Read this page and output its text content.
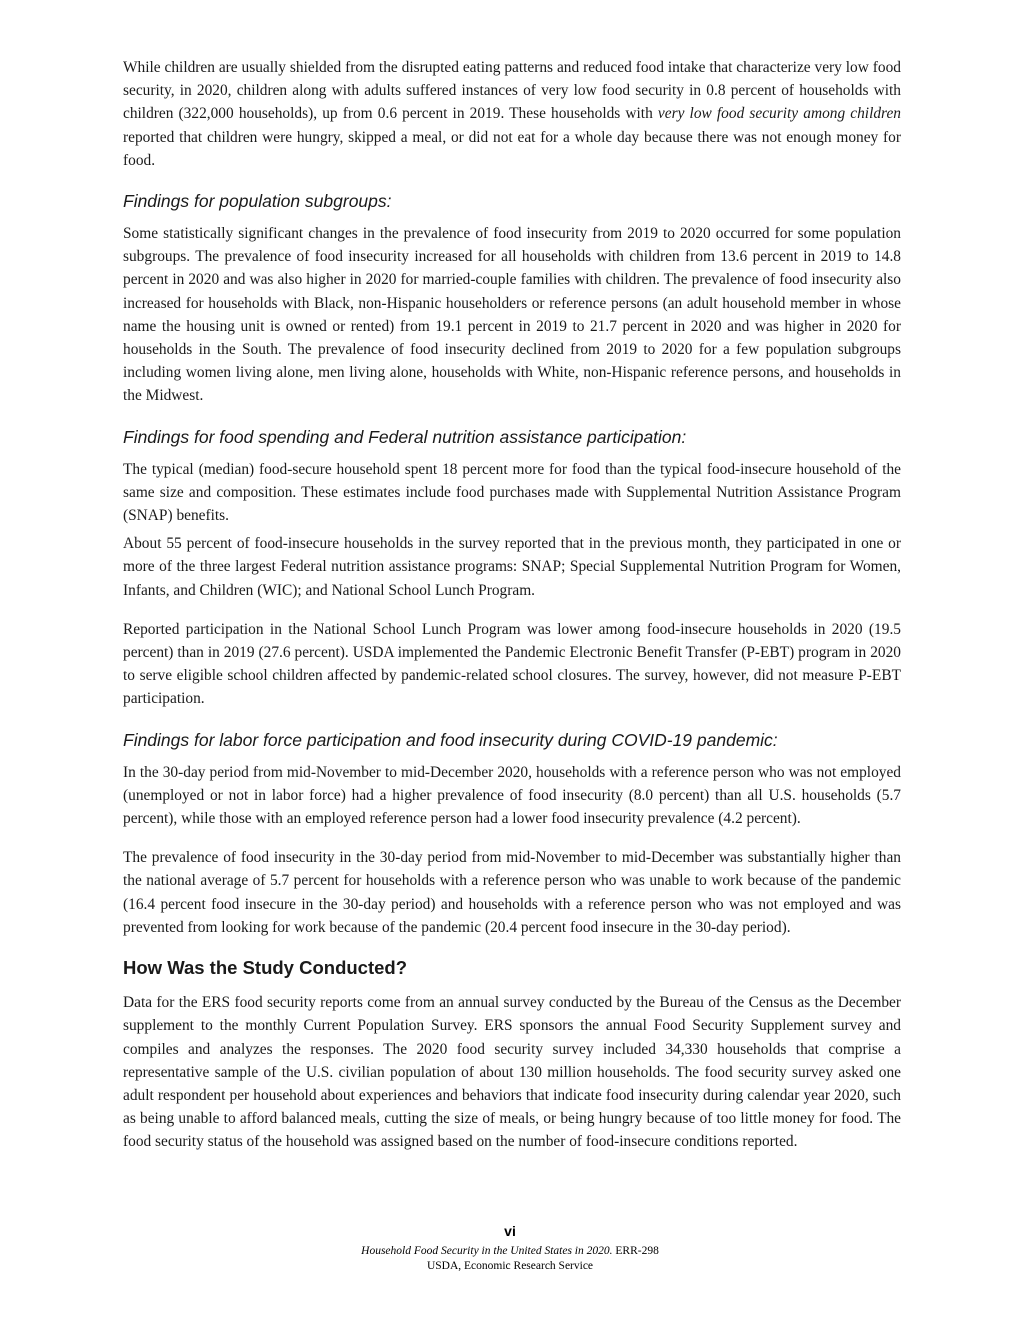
While children are usually shielded from the disrupted eating patterns and reduced food intake that characterize very low food security, in 2020, children along with adults suffered instances of very low food security in 0.8 percent of households with children (322,000 households), up from 0.6 percent in 2019. These households with very low food security among children reported that children were hungry, skipped a meal, or did not eat for a whole day because there was not enough money for food.

Findings for population subgroups:

Some statistically significant changes in the prevalence of food insecurity from 2019 to 2020 occurred for some population subgroups. The prevalence of food insecurity increased for all households with children from 13.6 percent in 2019 to 14.8 percent in 2020 and was also higher in 2020 for married-couple families with children. The prevalence of food insecurity also increased for households with Black, non-Hispanic householders or reference persons (an adult household member in whose name the housing unit is owned or rented) from 19.1 percent in 2019 to 21.7 percent in 2020 and was higher in 2020 for households in the South. The prevalence of food insecurity declined from 2019 to 2020 for a few population subgroups including women living alone, men living alone, households with White, non-Hispanic reference persons, and households in the Midwest.

Findings for food spending and Federal nutrition assistance participation:

The typical (median) food-secure household spent 18 percent more for food than the typical food-insecure household of the same size and composition. These estimates include food purchases made with Supplemental Nutrition Assistance Program (SNAP) benefits.

About 55 percent of food-insecure households in the survey reported that in the previous month, they participated in one or more of the three largest Federal nutrition assistance programs: SNAP; Special Supplemental Nutrition Program for Women, Infants, and Children (WIC); and National School Lunch Program.

Reported participation in the National School Lunch Program was lower among food-insecure households in 2020 (19.5 percent) than in 2019 (27.6 percent). USDA implemented the Pandemic Electronic Benefit Transfer (P-EBT) program in 2020 to serve eligible school children affected by pandemic-related school closures. The survey, however, did not measure P-EBT participation.

Findings for labor force participation and food insecurity during COVID-19 pandemic:

In the 30-day period from mid-November to mid-December 2020, households with a reference person who was not employed (unemployed or not in labor force) had a higher prevalence of food insecurity (8.0 percent) than all U.S. households (5.7 percent), while those with an employed reference person had a lower food insecurity prevalence (4.2 percent).

The prevalence of food insecurity in the 30-day period from mid-November to mid-December was substantially higher than the national average of 5.7 percent for households with a reference person who was unable to work because of the pandemic (16.4 percent food insecure in the 30-day period) and households with a reference person who was not employed and was prevented from looking for work because of the pandemic (20.4 percent food insecure in the 30-day period).

How Was the Study Conducted?

Data for the ERS food security reports come from an annual survey conducted by the Bureau of the Census as the December supplement to the monthly Current Population Survey. ERS sponsors the annual Food Security Supplement survey and compiles and analyzes the responses. The 2020 food security survey included 34,330 households that comprise a representative sample of the U.S. civilian population of about 130 million households. The food security survey asked one adult respondent per household about experiences and behaviors that indicate food insecurity during calendar year 2020, such as being unable to afford balanced meals, cutting the size of meals, or being hungry because of too little money for food. The food security status of the household was assigned based on the number of food-insecure conditions reported.

vi
Household Food Security in the United States in 2020. ERR-298
USDA, Economic Research Service
